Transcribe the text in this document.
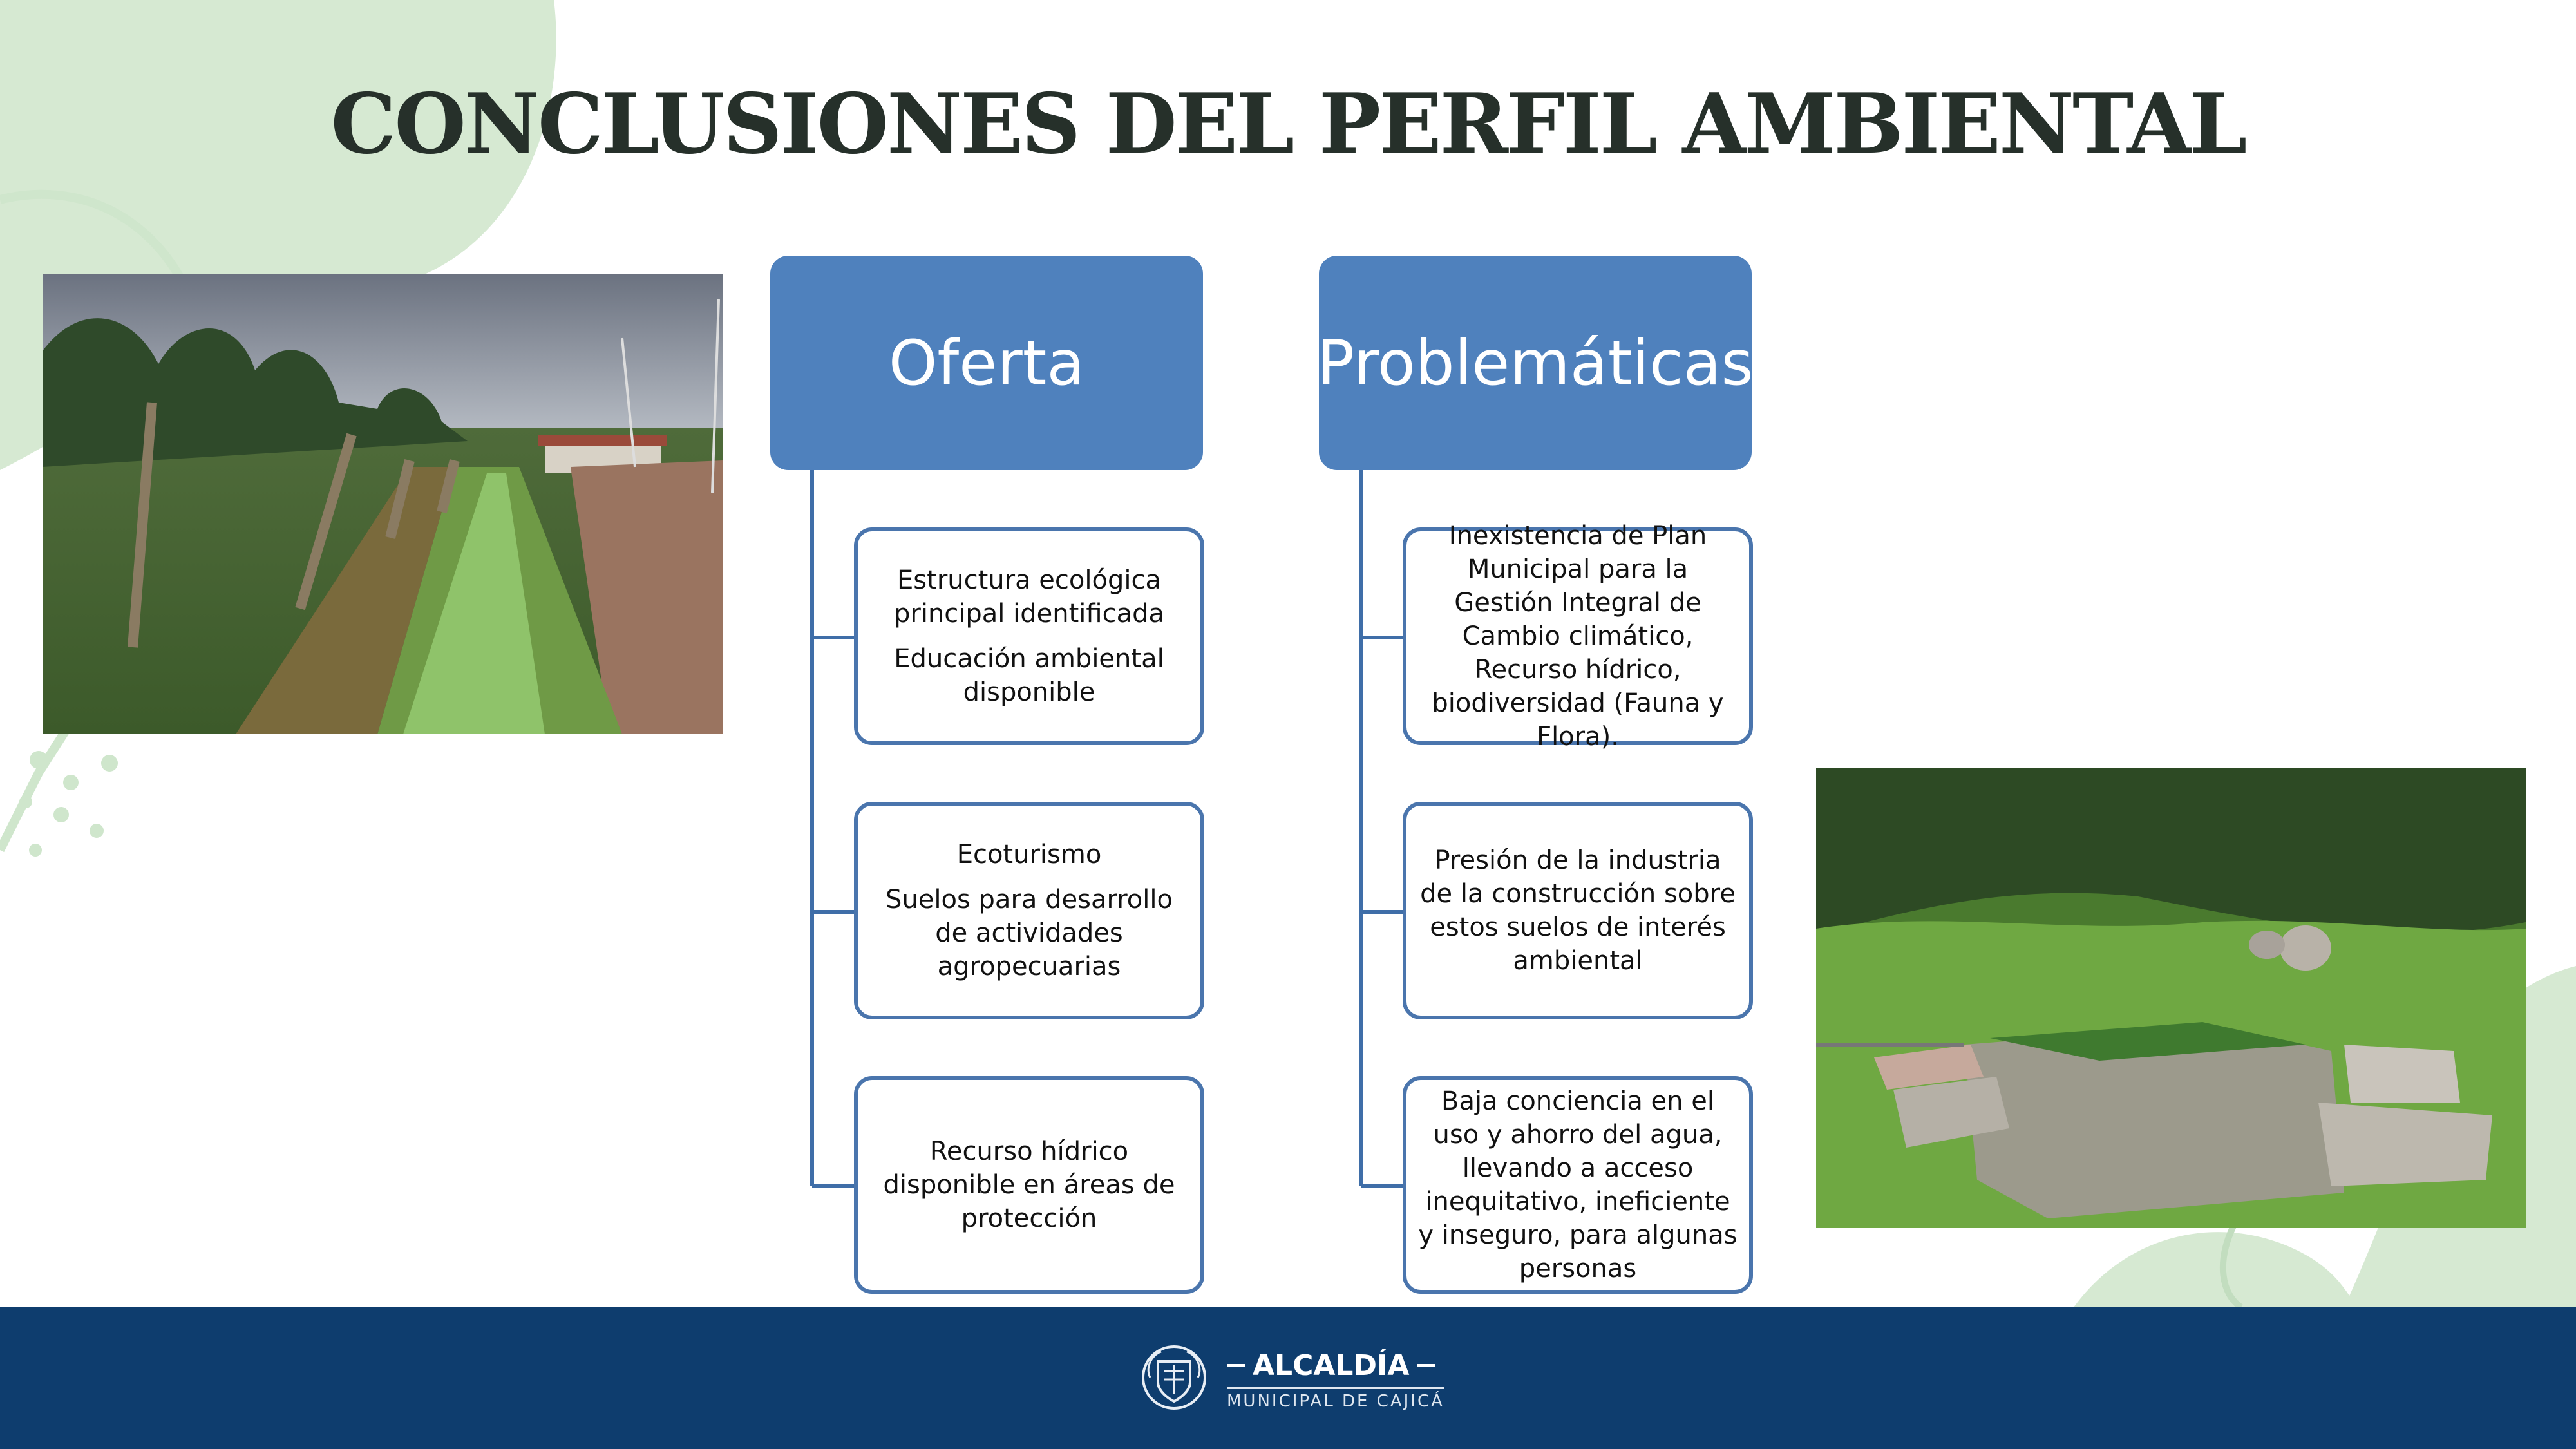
CONCLUSIONES DEL PERFIL AMBIENTAL
Oferta
Estructura ecológica principal identificada
Educación ambiental disponible
Ecoturismo
Suelos para desarrollo de actividades agropecuarias
Recurso hídrico disponible en áreas de protección
Problemáticas
Inexistencia de Plan Municipal para la Gestión Integral de Cambio climático, Recurso hídrico, biodiversidad (Fauna y Flora).
Presión de la industria de la construcción sobre estos suelos de interés ambiental
Baja conciencia en el uso y ahorro del agua, llevando a acceso inequitativo, ineficiente y inseguro, para algunas personas
ALCALDÍA
MUNICIPAL DE CAJICÁ
